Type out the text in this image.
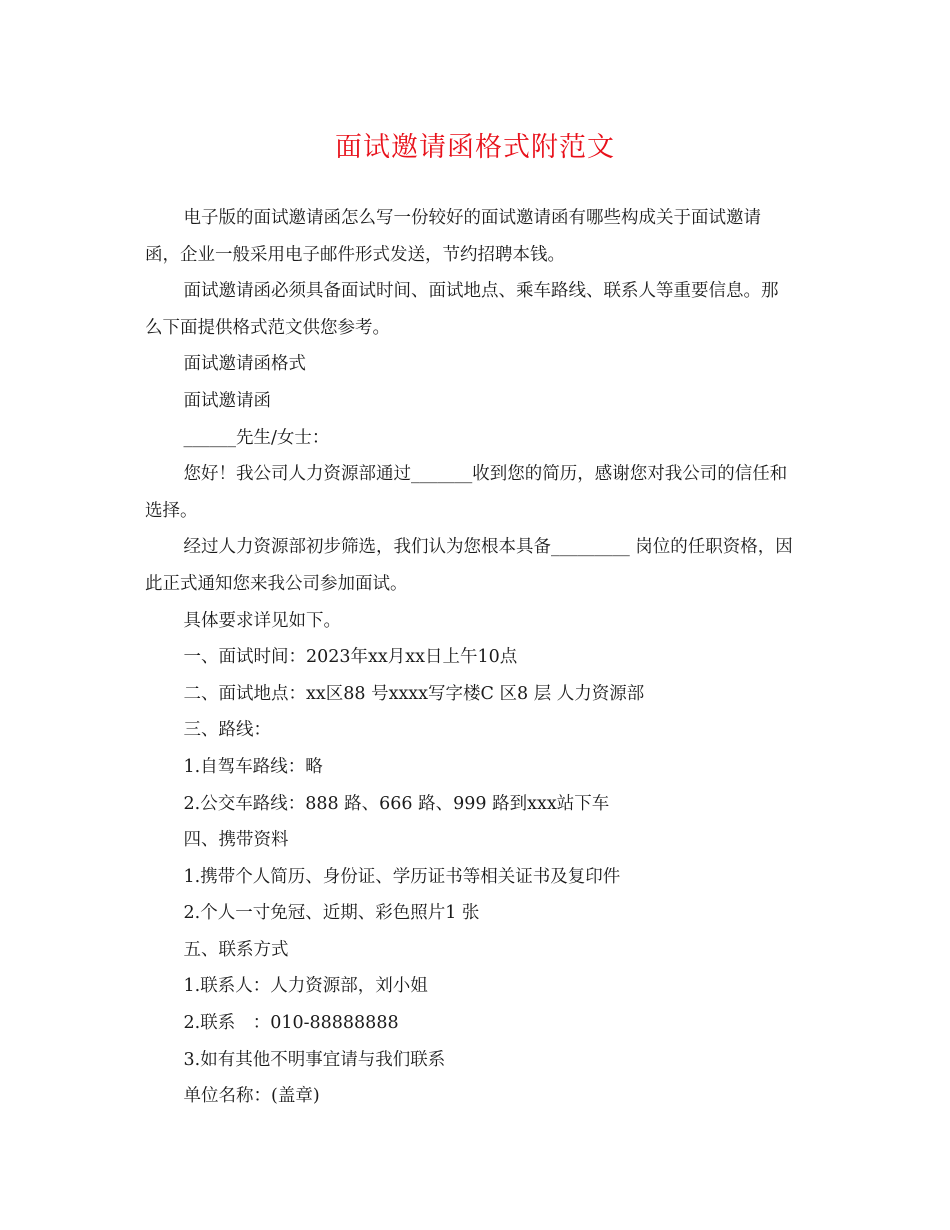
面试邀请函格式附范文

电子版的面试邀请函怎么写一份较好的面试邀请函有哪些构成关于面试邀请函，企业一般采用电子邮件形式发送，节约招聘本钱。

面试邀请函必须具备面试时间、面试地点、乘车路线、联系人等重要信息。那么下面提供格式范文供您参考。

面试邀请函格式

面试邀请函

______先生/女士：

您好！我公司人力资源部通过_______收到您的简历，感谢您对我公司的信任和选择。

经过人力资源部初步筛选，我们认为您根本具备_________ 岗位的任职资格，因此正式通知您来我公司参加面试。

具体要求详见如下。

一、面试时间：2023年xx月xx日上午10点

二、面试地点：xx区88 号xxxx写字楼C 区8 层 人力资源部

三、路线：

1.自驾车路线：略

2.公交车路线：888 路、666 路、999 路到xxx站下车

四、携带资料

1.携带个人简历、身份证、学历证书等相关证书及复印件

2.个人一寸免冠、近期、彩色照片1 张

五、联系方式

1.联系人：人力资源部，刘小姐

2.联系　：010-88888888

3.如有其他不明事宜请与我们联系

单位名称：(盖章)
